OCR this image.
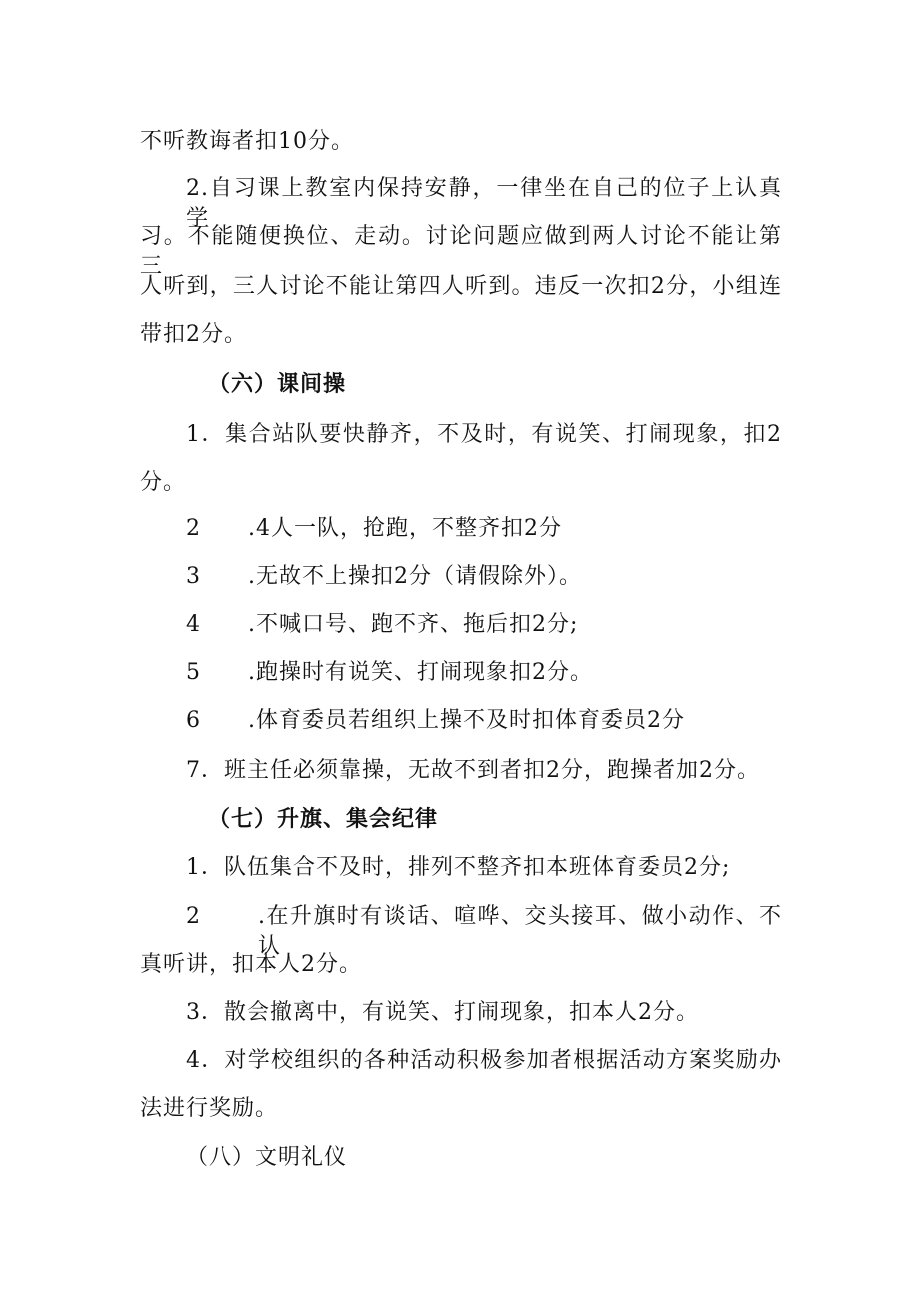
不听教诲者扣10分。
2.自习课上教室内保持安静，一律坐在自己的位子上认真学
习。不能随便换位、走动。讨论问题应做到两人讨论不能让第三
人听到，三人讨论不能让第四人听到。违反一次扣2分，小组连
带扣2分。
（六）课间操
1．集合站队要快静齐，不及时，有说笑、打闹现象，扣2
分。
2 .4人一队，抢跑，不整齐扣2分
3 .无故不上操扣2分（请假除外）。
4 .不喊口号、跑不齐、拖后扣2分;
5 .跑操时有说笑、打闹现象扣2分。
6 .体育委员若组织上操不及时扣体育委员2分
7．班主任必须靠操，无故不到者扣2分，跑操者加2分。
（七）升旗、集会纪律
1．队伍集合不及时，排列不整齐扣本班体育委员2分;
2	.在升旗时有谈话、喧哗、交头接耳、做小动作、不认
真听讲，扣本人2分。
3．散会撤离中，有说笑、打闹现象，扣本人2分。
4．对学校组织的各种活动积极参加者根据活动方案奖励办
法进行奖励。
（八）文明礼仪
